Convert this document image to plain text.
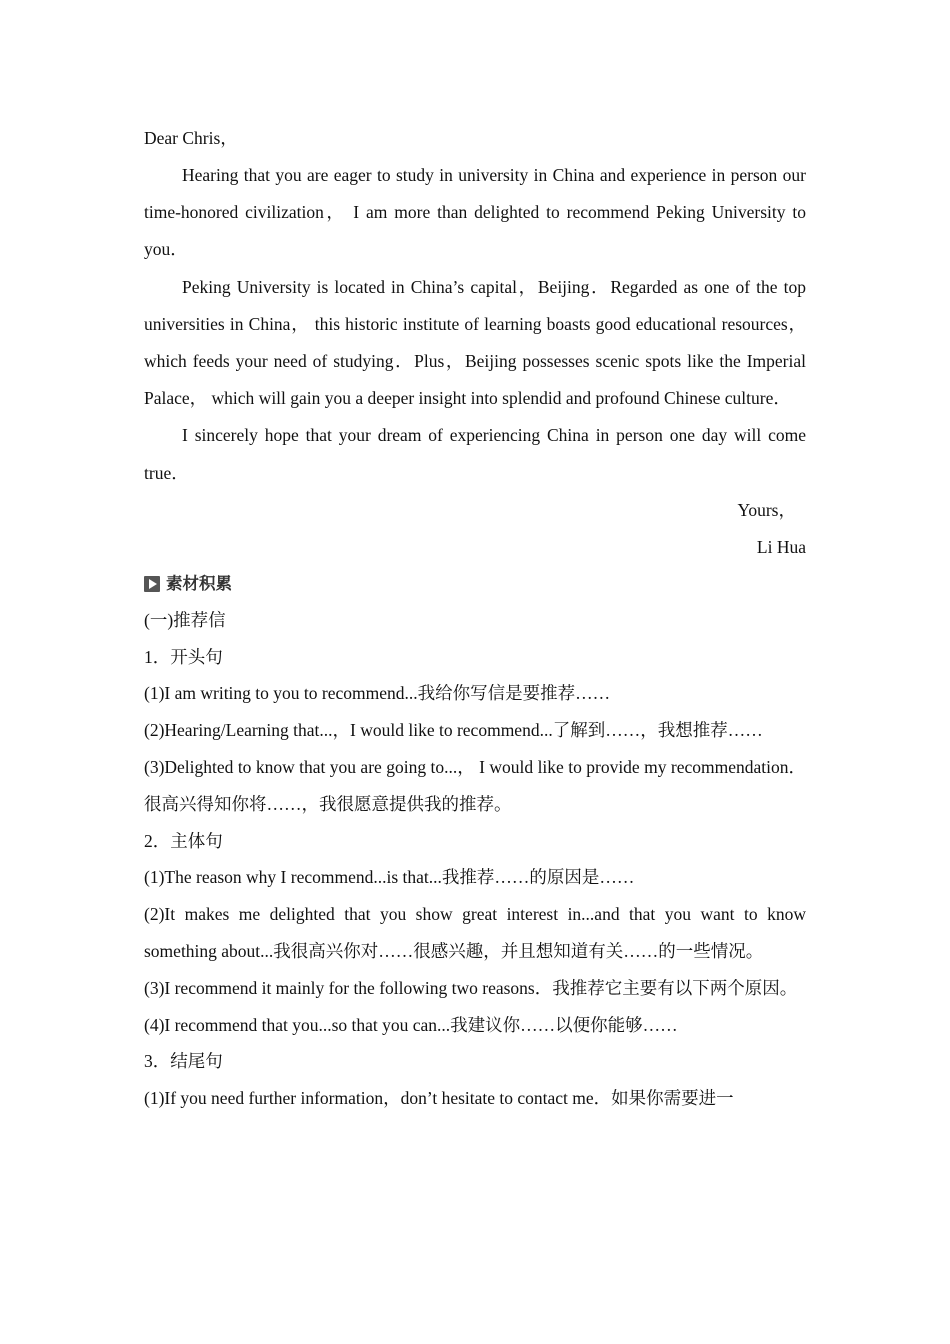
Dear Chris，

Hearing that you are eager to study in university in China and experience in person our time-honored civilization， I am more than delighted to recommend Peking University to you．

Peking University is located in China’s capital，Beijing．Regarded as one of the top universities in China， this historic institute of learning boasts good educational resources，which feeds your need of studying．Plus，Beijing possesses scenic spots like the Imperial Palace， which will gain you a deeper insight into splendid and profound Chinese culture．

I sincerely hope that your dream of experiencing China in person one day will come true．

Yours，

Li Hua

素材积累

(一)推荐信

1．开头句

(1)I am writing to you to recommend...我给你写信是要推荐……

(2)Hearing/Learning that...，I would like to recommend...了解到……，我想推荐……

(3)Delighted to know that you are going to...， I would like to provide my recommendation．很高兴得知你将……，我很愿意提供我的推荐。

2．主体句

(1)The reason why I recommend...is that...我推荐……的原因是……

(2)It makes me delighted that you show great interest in...and that you want to know something about...我很高兴你对……很感兴趣，并且想知道有关……的一些情况。

(3)I recommend it mainly for the following two reasons．我推荐它主要有以下两个原因。

(4)I recommend that you...so that you can...我建议你……以便你能够……

3．结尾句

(1)If you need further information，don’t hesitate to contact me．如果你需要进一
